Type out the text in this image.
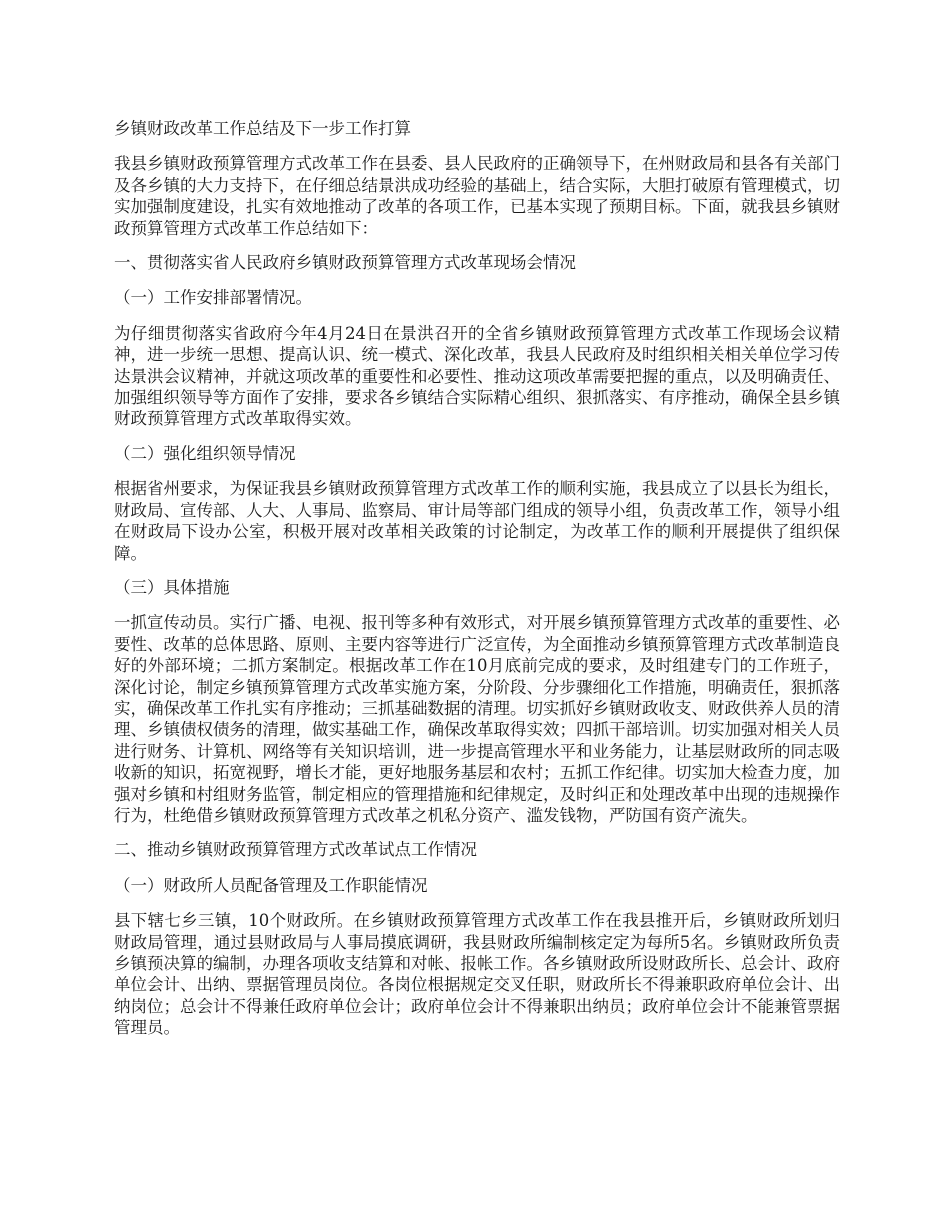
乡镇财政改革工作总结及下一步工作打算

我县乡镇财政预算管理方式改革工作在县委、县人民政府的正确领导下，在州财政局和县各有关部门及各乡镇的大力支持下，在仔细总结景洪成功经验的基础上，结合实际，大胆打破原有管理模式，切实加强制度建设，扎实有效地推动了改革的各项工作，已基本实现了预期目标。下面，就我县乡镇财政预算管理方式改革工作总结如下：

一、贯彻落实省人民政府乡镇财政预算管理方式改革现场会情况

（一）工作安排部署情况。

为仔细贯彻落实省政府今年4月24日在景洪召开的全省乡镇财政预算管理方式改革工作现场会议精神，进一步统一思想、提高认识、统一模式、深化改革，我县人民政府及时组织相关相关单位学习传达景洪会议精神，并就这项改革的重要性和必要性、推动这项改革需要把握的重点，以及明确责任、加强组织领导等方面作了安排，要求各乡镇结合实际精心组织、狠抓落实、有序推动，确保全县乡镇财政预算管理方式改革取得实效。

（二）强化组织领导情况

根据省州要求，为保证我县乡镇财政预算管理方式改革工作的顺利实施，我县成立了以县长为组长，财政局、宣传部、人大、人事局、监察局、审计局等部门组成的领导小组，负责改革工作，领导小组在财政局下设办公室，积极开展对改革相关政策的讨论制定，为改革工作的顺利开展提供了组织保障。

（三）具体措施

一抓宣传动员。实行广播、电视、报刊等多种有效形式，对开展乡镇预算管理方式改革的重要性、必要性、改革的总体思路、原则、主要内容等进行广泛宣传，为全面推动乡镇预算管理方式改革制造良好的外部环境；二抓方案制定。根据改革工作在10月底前完成的要求，及时组建专门的工作班子，深化讨论，制定乡镇预算管理方式改革实施方案，分阶段、分步骤细化工作措施，明确责任，狠抓落实，确保改革工作扎实有序推动；三抓基础数据的清理。切实抓好乡镇财政收支、财政供养人员的清理、乡镇债权债务的清理，做实基础工作，确保改革取得实效；四抓干部培训。切实加强对相关人员进行财务、计算机、网络等有关知识培训，进一步提高管理水平和业务能力，让基层财政所的同志吸收新的知识，拓宽视野，增长才能，更好地服务基层和农村；五抓工作纪律。切实加大检查力度，加强对乡镇和村组财务监管，制定相应的管理措施和纪律规定，及时纠正和处理改革中出现的违规操作行为，杜绝借乡镇财政预算管理方式改革之机私分资产、滥发钱物，严防国有资产流失。

二、推动乡镇财政预算管理方式改革试点工作情况

（一）财政所人员配备管理及工作职能情况

县下辖七乡三镇，10个财政所。在乡镇财政预算管理方式改革工作在我县推开后，乡镇财政所划归财政局管理，通过县财政局与人事局摸底调研，我县财政所编制核定定为每所5名。乡镇财政所负责乡镇预决算的编制，办理各项收支结算和对帐、报帐工作。各乡镇财政所设财政所长、总会计、政府单位会计、出纳、票据管理员岗位。各岗位根据规定交叉任职，财政所长不得兼职政府单位会计、出纳岗位；总会计不得兼任政府单位会计；政府单位会计不得兼职出纳员；政府单位会计不能兼管票据管理员。
